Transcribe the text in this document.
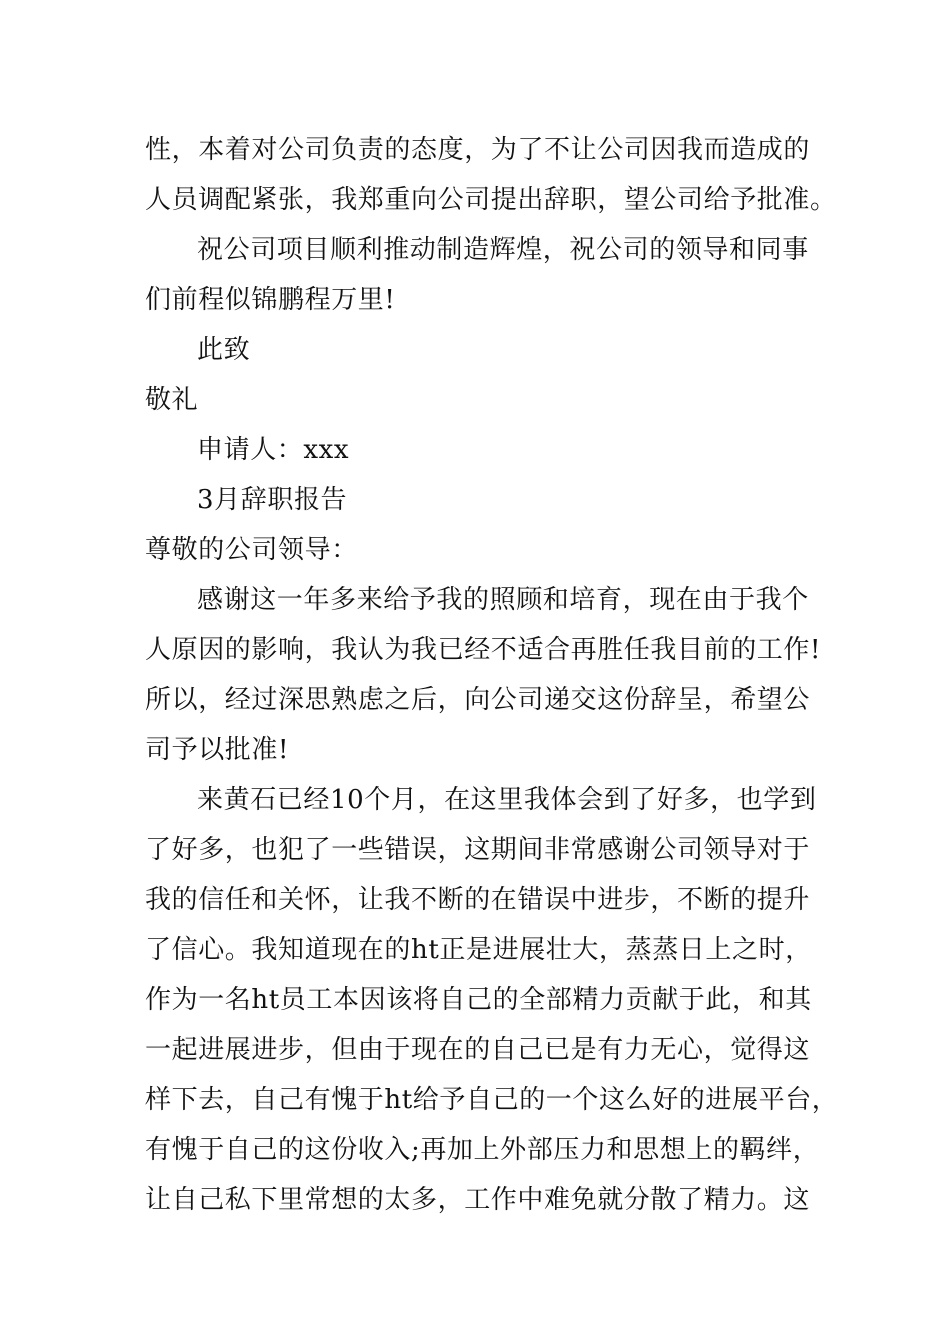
性，本着对公司负责的态度，为了不让公司因我而造成的
人员调配紧张，我郑重向公司提出辞职，望公司给予批准。
祝公司项目顺利推动制造辉煌，祝公司的领导和同事
们前程似锦鹏程万里!
此致
敬礼
申请人：xxx
3月辞职报告
尊敬的公司领导：
感谢这一年多来给予我的照顾和培育，现在由于我个
人原因的影响，我认为我已经不适合再胜任我目前的工作!
所以，经过深思熟虑之后，向公司递交这份辞呈，希望公
司予以批准!
来黄石已经10个月，在这里我体会到了好多，也学到
了好多，也犯了一些错误，这期间非常感谢公司领导对于
我的信任和关怀，让我不断的在错误中进步，不断的提升
了信心。我知道现在的ht正是进展壮大，蒸蒸日上之时，
作为一名ht员工本因该将自己的全部精力贡献于此，和其
一起进展进步，但由于现在的自己已是有力无心，觉得这
样下去，自己有愧于ht给予自己的一个这么好的进展平台，
有愧于自己的这份收入;再加上外部压力和思想上的羁绊，
让自己私下里常想的太多，工作中难免就分散了精力。这
